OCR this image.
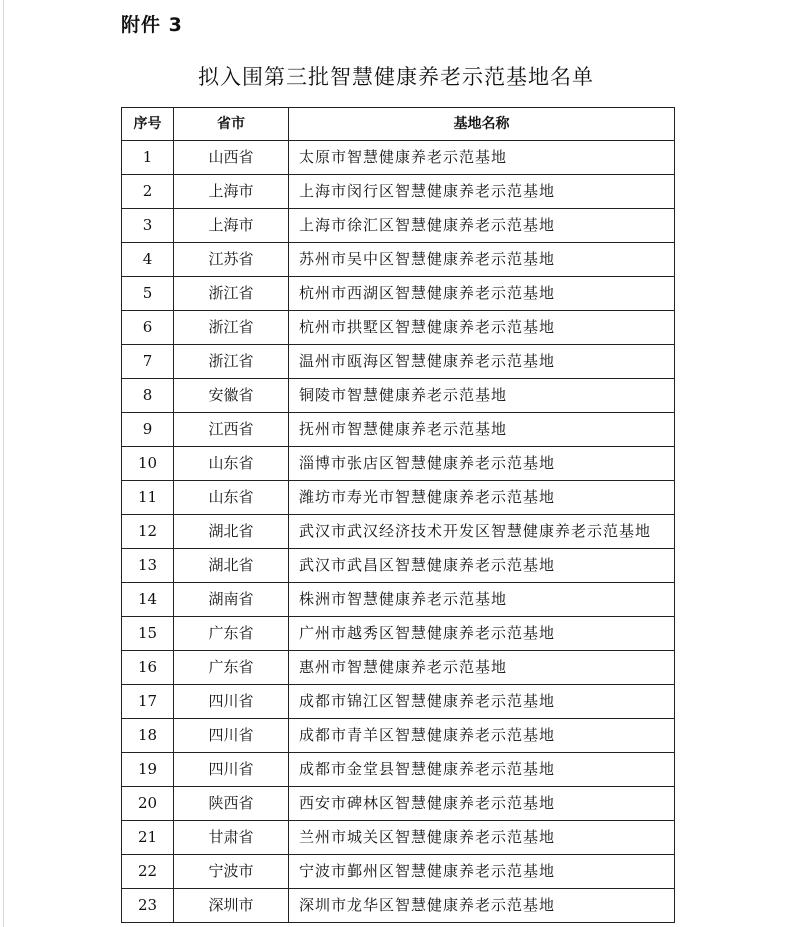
附件 3
拟入围第三批智慧健康养老示范基地名单
序号	省市	基地名称
1	山西省	太原市智慧健康养老示范基地
2	上海市	上海市闵行区智慧健康养老示范基地
3	上海市	上海市徐汇区智慧健康养老示范基地
4	江苏省	苏州市吴中区智慧健康养老示范基地
5	浙江省	杭州市西湖区智慧健康养老示范基地
6	浙江省	杭州市拱墅区智慧健康养老示范基地
7	浙江省	温州市瓯海区智慧健康养老示范基地
8	安徽省	铜陵市智慧健康养老示范基地
9	江西省	抚州市智慧健康养老示范基地
10	山东省	淄博市张店区智慧健康养老示范基地
11	山东省	潍坊市寿光市智慧健康养老示范基地
12	湖北省	武汉市武汉经济技术开发区智慧健康养老示范基地
13	湖北省	武汉市武昌区智慧健康养老示范基地
14	湖南省	株洲市智慧健康养老示范基地
15	广东省	广州市越秀区智慧健康养老示范基地
16	广东省	惠州市智慧健康养老示范基地
17	四川省	成都市锦江区智慧健康养老示范基地
18	四川省	成都市青羊区智慧健康养老示范基地
19	四川省	成都市金堂县智慧健康养老示范基地
20	陕西省	西安市碑林区智慧健康养老示范基地
21	甘肃省	兰州市城关区智慧健康养老示范基地
22	宁波市	宁波市鄞州区智慧健康养老示范基地
23	深圳市	深圳市龙华区智慧健康养老示范基地
